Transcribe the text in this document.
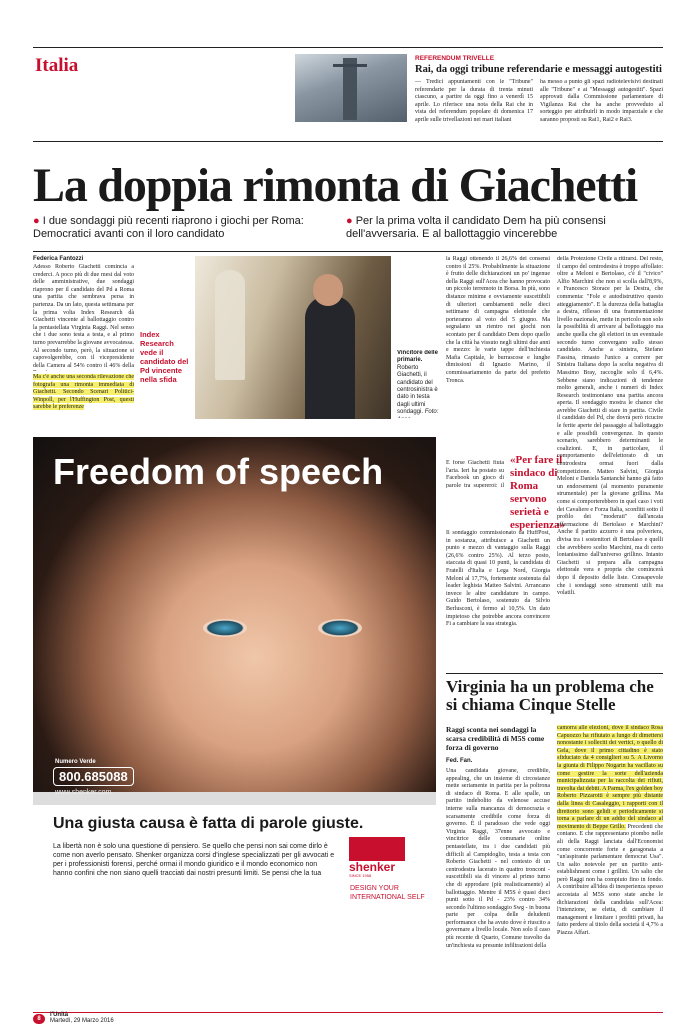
Italia	REFERENDUM TRIVELLE
Rai, da oggi tribune referendarie e messaggi autogestiti
— Tredici appuntamenti con le "Tribune" referendarie per la durata di trenta minuti ciascuno, a partire da oggi fino a venerdì 15 aprile. Lo riferisce una nota della Rai che in vista del referendum popolare di domenica 17 aprile sulle trivellazioni nei mari italiani
ha messo a punto gli spazi radiotelevisivi destinati alle "Tribune" e ai "Messaggi autogestiti". Spazi approvati dalla Commissione parlamentare di Vigilanza Rai che ha anche provveduto al sorteggio per attribuirli in modo imparziale e che saranno proposti su Rai1, Rai2 e Rai3.
La doppia rimonta di Giachetti
● I due sondaggi più recenti riaprono i giochi per Roma: Democratici avanti con il loro candidato
● Per la prima volta il candidato Dem ha più consensi dell'avversaria. E al ballottaggio vincerebbe
Federica Fantozzi
Adesso Roberto Giachetti comincia a crederci. A poco più di due mesi dal voto delle amministrative, due sondaggi riaprono per il candidato del Pd a Roma una partita che sembrava persa in partenza. Da un lato, questa settimana per la prima volta Index Research dà Giachetti vincente al ballottaggio contro la pentastellata Virginia Raggi. Nel senso che i due sono testa a testa, e al primo turno prevarrebbe la giovane avvocatessa. Al secondo turno, però, la situazione si capovolgerebbe, con il vicepresidente della Camera al 54% contro il 46% della
Ma c'è anche una seconda rilevazione che fotografa una rimonta immediata di Giachetti. Secondo Scenari Politici-Winpoll, per l'Huffington Post, questi sarebbe le preferenze
Index Research vede il candidato del Pd vincente nella sfida
Vincitore delle primarie. Roberto Giachetti, il candidato del centrosinistra è dato in testa dagli ultimi sondaggi. Foto:
la Raggi ottenendo il 26,6% dei consensi contro il 25%. Probabilmente la situazione è frutto delle dichiarazioni un po' ingenue della Raggi sull'Acea che hanno provocato un piccolo terremoto in Borsa. In più, sono distanze minime e ovviamente suscettibili di ulteriori cambiamenti nelle dieci settimane di campagna elettorale che porteranno al voto del 5 giugno. Ma segnalano un rientro nei giochi non scontato per il candidato Dem dopo quello che la città ha vissuto negli ultimi due anni e mezzo: le varie tappe dell'inchiesta Mafia Capitale, le burrascose e lunghe dimissioni di Ignazio Marino, il commissariamento da parte del prefetto Tronca.
E forse Giachetti fiuta l'aria. Ieri ha postato su Facebook un gioco di parole tra supereroi: il
«Per fare il sindaco di Roma servono serietà e esperienza»
Il sondaggio commissionato da HuffPost, in sostanza, attribuisce a Giachetti un punto e mezzo di vantaggio sulla Raggi (26,6% contro 25%). Al terzo posto, staccata di quasi 10 punti, la candidata di Fratelli d'Italia e Lega Nord, Giorgia Meloni al 17,7%, fortemente sostenuta dal leader leghista Matteo Salvini. Arrancano invece le altre candidature in campo. Guido Bertolaso, sostenuto da Silvio Berlusconi, è fermo al 10,5%. Un dato impietoso che potrebbe ancora convincere Fi a cambiare la sua strategia.
della Protezione Civile a ritirarsi. Del resto, il campo del centrodestra è troppo affollato: oltre a Meloni e Bertolaso, c'è il "civico" Alfio Marchini che non si scolla dall'8,9%, e Francesco Storace per la Destra, che commenta: "Fole e autodistruttivo questo atteggiamento". E la durezza della battaglia a destra, riflesso di una frammentazione livello nazionale, mette in pericolo non solo la possibilità di arrivare al ballottaggio ma anche quella che gli elettori in un eventuale secondo turno convergano sullo stesso candidato. Anche a sinistra, Stefano Fassina, rimasto l'unico a correre per Sinistra Italiana dopo la scelta negativa di Massimo Bray, raccoglie solo il 6,4%. Sebbene siano indicazioni di tendenze molto generali, anche i numeri di Index Research testimoniano una partita ancora aperta. Il sondaggio mostra le chance che avrebbe Giachetti di stare in partita. Civile il candidato del Pd, che dovrà però ricucire le ferite aperte del passaggio al ballottaggio e alle possibili convergenze. In questo scenario, sarebbero determinanti le coalizioni. E, in particolare, il comportamento dell'elettorato di un centrodestra ormai fuori dalla competizione. Matteo Salvini, Giorgia Meloni e Daniela Santanchè hanno già fatto un endorsement (al momento puramente strumentale) per la giovane grillina. Ma come si comporterebbero in quel caso i voti dei Cavaliere e Forza Italia, sconfitti sotto il profilo dei "moderati" dall'ancata affermazione di Bertolaso e Marchini? Anche il partito azzurro è una polveriera, divisa tra i sostenitori di Bertolaso e quelli che avrebbero scelto Marchini, ma di certo lontanissimo dall'universo grillino. Intanto Giachetti si prepara alla campagna elettorale vera e propria che comincerà dopo il deposito delle liste. Consapevole che i sondaggi sono strumenti utili ma volatili.
Freedom of speech
Numero Verde
800.685088
www.shenker.com
Una giusta causa è fatta di parole giuste.
La libertà non è solo una questione di pensiero. Se quello che pensi non sai come dirlo è come non averlo pensato. Shenker organizza corsi d'inglese specializzati per gli avvocati e per i professionisti forensi, perché ormai il mondo giuridico e il mondo economico non hanno confini che non siano quelli tracciati dai nostri presunti limiti. Se pensi che la tua	shenker
SINCE 1958
DESIGN YOUR INTERNATIONAL SELF
Virginia ha un problema che si chiama Cinque Stelle
Raggi sconta nei sondaggi la scarsa credibilità di M5S come forza di governo
Fed. Fan.
Una candidata giovane, credibile, appealing, che un insieme di circostanze mette seriamente in partita per la poltrona di sindaco di Roma. E alle spalle, un partito indebolito da velenose accuse interne sulla mancanza di democrazia e scarsamente credibile come forza di governo. È il paradosso che vede oggi Virginia Raggi, 37enne avvocato e vincitrice delle comunarie online pentastellate, tra i due candidati più difficili al Campidoglio, testa a testa con Roberto Giachetti - nel contesto di un centrodestra lacerato in quattro tronconi - suscettibili sia di vincere al primo turno che di approdare (più realisticamente) al ballottaggio. Mentre il M5S è quasi dieci punti sotto il Pd - 23% contro 34% secondo l'ultimo sondaggio Swg - in buona parte per colpa delle deludenti performance che ha avuto dove è riuscito a governare a livello locale. Non solo il caso più recente di Quarto, Comune travolto da un'inchiesta su presunte infiltrazioni della
camorra alle elezioni, dove il sindaco Rosa Capuozzo ha rifiutato a lungo di dimettersi nonostante i solleciti dei vertici, o quello di Gela, dove il primo cittadino è stato sfiduciato da 4 consiglieri su 5. A Livorno la giunta di Filippo Nogarin ha vacillato su come gestire la sorte dell'azienda municipalizzata per la raccolta dei rifiuti, travolta dai debiti. A Parma, l'ex golden boy Roberto Pizzarotti è sempre più distante dalla linea di Casaleggio, i rapporti con il direttorio sono gelidi e periodicamente si torna a parlare di un addio del sindaco al movimento di Beppe Grillo. Precedenti che contano. E che rappresentano piombo nelle ali della Raggi lanciata dall'Economist come concorrente forte e garagonata a "un'aspirante parlamentare democrat Usa". Un salto notevole per un partito anti-establishment come i grillini. Un salto che però Raggi non ha compiuto fino in fondo. A contribuire all'idea di inesperienza spesso accostata al M5S sono state anche le dichiarazioni della candidata sull'Acea: l'intenzione, se eletta, di cambiare il management e limitare i profitti privati, ha fatto perdere al titolo della società il 4,7% a Piazza Affari.
8
l'Unità
Martedì, 29 Marzo 2016
